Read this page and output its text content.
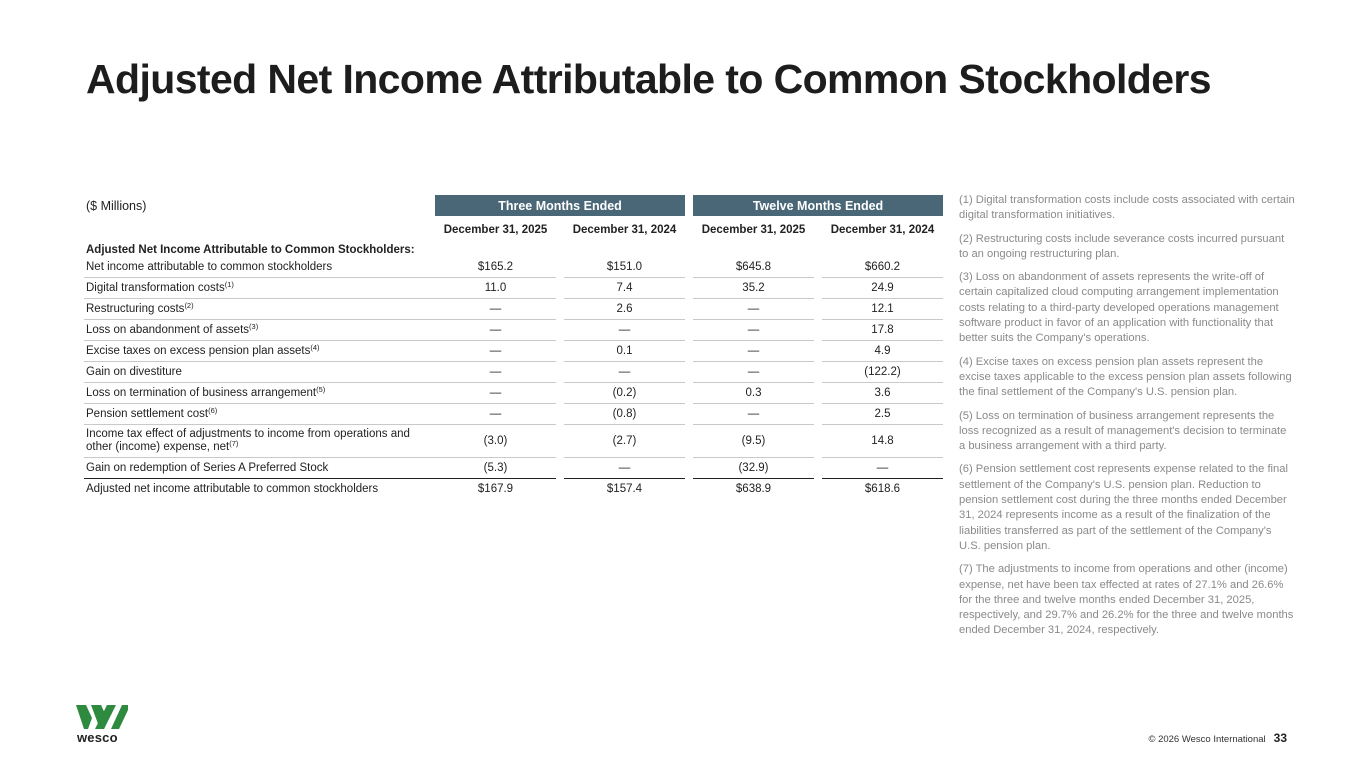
Adjusted Net Income Attributable to Common Stockholders
($ Millions)	Three Months Ended				Twelve Months Ended		
	December 31, 2025		December 31, 2024		December 31, 2025		December 31, 2024
Adjusted Net Income Attributable to Common Stockholders:							
Net income attributable to common stockholders	$165.2		$151.0		$645.8		$660.2
Digital transformation costs$^{(1)}$	11.0		7.4		35.2		24.9
Restructuring costs$^{(2)}$	—		2.6		—		12.1
Loss on abandonment of assets$^{(3)}$	—		—		—		17.8
Excise taxes on excess pension plan assets$^{(4)}$	—		0.1		—		4.9
Gain on divestiture	—		—		—		(122.2)
Loss on termination of business arrangement$^{(5)}$	—		(0.2)		0.3		3.6
Pension settlement cost$^{(6)}$	—		(0.8)		—		2.5
Income tax effect of adjustments to income from operations and other (income) expense, net$^{(7)}$	(3.0)		(2.7)		(9.5)		14.8
Gain on redemption of Series A Preferred Stock	(5.3)		—		(32.9)		—
Adjusted net income attributable to common stockholders	$167.9		$157.4		$638.9		$618.6

(1) Digital transformation costs include costs associated with certain digital transformation initiatives.

(2) Restructuring costs include severance costs incurred pursuant to an ongoing restructuring plan.

(3) Loss on abandonment of assets represents the write-off of certain capitalized cloud computing arrangement implementation costs relating to a third-party developed operations management software product in favor of an application with functionality that better suits the Company's operations.

(4) Excise taxes on excess pension plan assets represent the excise taxes applicable to the excess pension plan assets following the final settlement of the Company's U.S. pension plan.

(5) Loss on termination of business arrangement represents the loss recognized as a result of management's decision to terminate a business arrangement with a third party.

(6) Pension settlement cost represents expense related to the final settlement of the Company's U.S. pension plan. Reduction to pension settlement cost during the three months ended December 31, 2024 represents income as a result of the finalization of the liabilities transferred as part of the settlement of the Company's U.S. pension plan.

(7) The adjustments to income from operations and other (income) expense, net have been tax effected at rates of 27.1% and 26.6% for the three and twelve months ended December 31, 2025, respectively, and 29.7% and 26.2% for the three and twelve months ended December 31, 2024, respectively.

wesco	© 2026 Wesco International 33
